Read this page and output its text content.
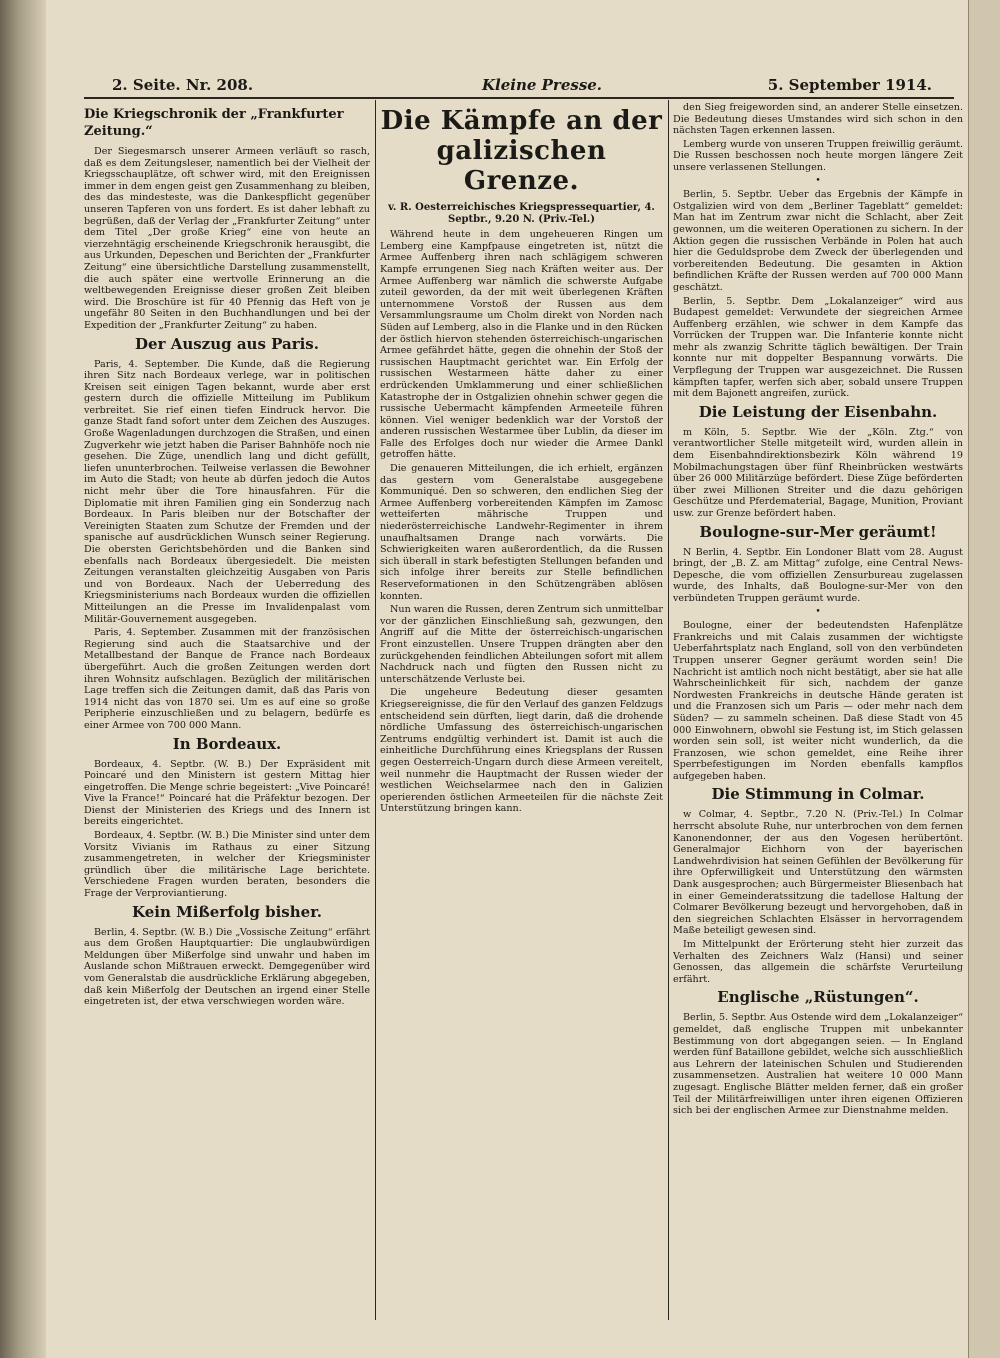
2. Seite. Nr. 208.	Kleine Presse.	5. September 1914.
Die Kriegschronik der „Frankfurter Zeitung.“

Der Siegesmarsch unserer Armeen verläuft so rasch, daß es dem Zeitungsleser, namentlich bei der Vielheit der Kriegsschauplätze, oft schwer wird, mit den Ereignissen immer in dem engen geist gen Zusammenhang zu bleiben, des das mindesteste, was die Dankespflicht gegenüber unseren Tapferen von uns fordert. Es ist daher lebhaft zu begrüßen, daß der Verlag der „Frankfurter Zeitung“ unter dem Titel „Der große Krieg“ eine von heute an vierzehntägig erscheinende Kriegschronik herausgibt, die aus Urkunden, Depeschen und Berichten der „Frankfurter Zeitung“ eine übersichtliche Darstellung zusammenstellt, die auch später eine wertvolle Erinnerung an die weltbewegenden Ereignisse dieser großen Zeit bleiben wird. Die Broschüre ist für 40 Pfennig das Heft von je ungefähr 80 Seiten in den Buchhandlungen und bei der Expedition der „Frankfurter Zeitung“ zu haben.

Der Auszug aus Paris.

Paris, 4. September. Die Kunde, daß die Regierung ihren Sitz nach Bordeaux verlege, war in politischen Kreisen seit einigen Tagen bekannt, wurde aber erst gestern durch die offizielle Mitteilung im Publikum verbreitet. Sie rief einen tiefen Eindruck hervor. Die ganze Stadt fand sofort unter dem Zeichen des Auszuges. Große Wagenladungen durchzogen die Straßen, und einen Zugverkehr wie jetzt haben die Pariser Bahnhöfe noch nie gesehen. Die Züge, unendlich lang und dicht gefüllt, liefen ununterbrochen. Teilweise verlassen die Bewohner im Auto die Stadt; von heute ab dürfen jedoch die Autos nicht mehr über die Tore hinausfahren. Für die Diplomatie mit ihren Familien ging ein Sonderzug nach Bordeaux. In Paris bleiben nur der Botschafter der Vereinigten Staaten zum Schutze der Fremden und der spanische auf ausdrücklichen Wunsch seiner Regierung. Die obersten Gerichtsbehörden und die Banken sind ebenfalls nach Bordeaux übergesiedelt. Die meisten Zeitungen veranstalten gleichzeitig Ausgaben von Paris und von Bordeaux. Nach der Ueberredung des Kriegsministeriums nach Bordeaux wurden die offiziellen Mitteilungen an die Presse im Invalidenpalast vom Militär-Gouvernement ausgegeben.

Paris, 4. September. Zusammen mit der französischen Regierung sind auch die Staatsarchive und der Metallbestand der Banque de France nach Bordeaux übergeführt. Auch die großen Zeitungen werden dort ihren Wohnsitz aufschlagen. Bezüglich der militärischen Lage treffen sich die Zeitungen damit, daß das Paris von 1914 nicht das von 1870 sei. Um es auf eine so große Peripherie einzuschließen und zu belagern, bedürfe es einer Armee von 700 000 Mann.

In Bordeaux.

Bordeaux, 4. Septbr. (W. B.) Der Expräsident mit Poincaré und den Ministern ist gestern Mittag hier eingetroffen. Die Menge schrie begeistert: „Vive Poincaré! Vive la France!“ Poincaré hat die Präfektur bezogen. Der Dienst der Ministerien des Kriegs und des Innern ist bereits eingerichtet.

Bordeaux, 4. Septbr. (W. B.) Die Minister sind unter dem Vorsitz Vivianis im Rathaus zu einer Sitzung zusammengetreten, in welcher der Kriegsminister gründlich über die militärische Lage berichtete. Verschiedene Fragen wurden beraten, besonders die Frage der Verproviantierung.

Kein Mißerfolg bisher.

Berlin, 4. Septbr. (W. B.) Die „Vossische Zeitung“ erfährt aus dem Großen Hauptquartier: Die unglaubwürdigen Meldungen über Mißerfolge sind unwahr und haben im Auslande schon Mißtrauen erweckt. Demgegenüber wird vom Generalstab die ausdrückliche Erklärung abgegeben, daß kein Mißerfolg der Deutschen an irgend einer Stelle eingetreten ist, der etwa verschwiegen worden wäre.

Die Kämpfe an der galizischen Grenze.
v. R. Oesterreichisches Kriegspressequartier, 4. Septbr., 9.20 N. (Priv.-Tel.)

Während heute in dem ungeheueren Ringen um Lemberg eine Kampfpause eingetreten ist, nützt die Armee Auffenberg ihren nach schlägigem schweren Kampfe errungenen Sieg nach Kräften weiter aus. Der Armee Auffenberg war nämlich die schwerste Aufgabe zuteil geworden, da der mit weit überlegenen Kräften unternommene Vorstoß der Russen aus dem Versammlungsraume um Cholm direkt von Norden nach Süden auf Lemberg, also in die Flanke und in den Rücken der östlich hiervon stehenden österreichisch-ungarischen Armee gefährdet hätte, gegen die ohnehin der Stoß der russischen Hauptmacht gerichtet war. Ein Erfolg der russischen Westarmeen hätte daher zu einer erdrückenden Umklammerung und einer schließlichen Katastrophe der in Ostgalizien ohnehin schwer gegen die russische Uebermacht kämpfenden Armeeteile führen können. Viel weniger bedenklich war der Vorstoß der anderen russischen Westarmee über Lublin, da dieser im Falle des Erfolges doch nur wieder die Armee Dankl getroffen hätte.

Die genaueren Mitteilungen, die ich erhielt, ergänzen das gestern vom Generalstabe ausgegebene Kommuniqué. Den so schweren, den endlichen Sieg der Armee Auffenberg vorbereitenden Kämpfen im Zamosc wetteiferten mährische Truppen und niederösterreichische Landwehr-Regimenter in ihrem unaufhaltsamen Drange nach vorwärts. Die Schwierigkeiten waren außerordentlich, da die Russen sich überall in stark befestigten Stellungen befanden und sich infolge ihrer bereits zur Stelle befindlichen Reserveformationen in den Schützengräben ablösen konnten.

Nun waren die Russen, deren Zentrum sich unmittelbar vor der gänzlichen Einschließung sah, gezwungen, den Angriff auf die Mitte der österreichisch-ungarischen Front einzustellen. Unsere Truppen drängten aber den zurückgehenden feindlichen Abteilungen sofort mit allem Nachdruck nach und fügten den Russen nicht zu unterschätzende Verluste bei.

Die ungeheure Bedeutung dieser gesamten Kriegsereignisse, die für den Verlauf des ganzen Feldzugs entscheidend sein dürften, liegt darin, daß die drohende nördliche Umfassung des österreichisch-ungarischen Zentrums endgültig verhindert ist. Damit ist auch die einheitliche Durchführung eines Kriegsplans der Russen gegen Oesterreich-Ungarn durch diese Armeen vereitelt, weil nunmehr die Hauptmacht der Russen wieder der westlichen Weichselarmee nach den in Galizien operierenden östlichen Armeeteilen für die nächste Zeit Unterstützung bringen kann.

den Sieg freigeworden sind, an anderer Stelle einsetzen. Die Bedeutung dieses Umstandes wird sich schon in den nächsten Tagen erkennen lassen.

Lemberg wurde von unseren Truppen freiwillig geräumt. Die Russen beschossen noch heute morgen längere Zeit unsere verlassenen Stellungen.

•

Berlin, 5. Septbr. Ueber das Ergebnis der Kämpfe in Ostgalizien wird von dem „Berliner Tageblatt“ gemeldet: Man hat im Zentrum zwar nicht die Schlacht, aber Zeit gewonnen, um die weiteren Operationen zu sichern. In der Aktion gegen die russischen Verbände in Polen hat auch hier die Geduldsprobe dem Zweck der überlegenden und vorbereitenden Bedeutung. Die gesamten in Aktion befindlichen Kräfte der Russen werden auf 700 000 Mann geschätzt.

Berlin, 5. Septbr. Dem „Lokalanzeiger“ wird aus Budapest gemeldet: Verwundete der siegreichen Armee Auffenberg erzählen, wie schwer in dem Kampfe das Vorrücken der Truppen war. Die Infanterie konnte nicht mehr als zwanzig Schritte täglich bewältigen. Der Train konnte nur mit doppelter Bespannung vorwärts. Die Verpflegung der Truppen war ausgezeichnet. Die Russen kämpften tapfer, werfen sich aber, sobald unsere Truppen mit dem Bajonett angreifen, zurück.

Die Leistung der Eisenbahn.

m Köln, 5. Septbr. Wie der „Köln. Ztg.“ von verantwortlicher Stelle mitgeteilt wird, wurden allein in dem Eisenbahndirektionsbezirk Köln während 19 Mobilmachungstagen über fünf Rheinbrücken westwärts über 26 000 Militärzüge befördert. Diese Züge beförderten über zwei Millionen Streiter und die dazu gehörigen Geschütze und Pferdematerial, Bagage, Munition, Proviant usw. zur Grenze befördert haben.

Boulogne-sur-Mer geräumt!

N Berlin, 4. Septbr. Ein Londoner Blatt vom 28. August bringt, der „B. Z. am Mittag“ zufolge, eine Central News-Depesche, die vom offiziellen Zensurbureau zugelassen wurde, des Inhalts, daß Boulogne-sur-Mer von den verbündeten Truppen geräumt wurde.

•

Boulogne, einer der bedeutendsten Hafenplätze Frankreichs und mit Calais zusammen der wichtigste Ueberfahrtsplatz nach England, soll von den verbündeten Truppen unserer Gegner geräumt worden sein! Die Nachricht ist amtlich noch nicht bestätigt, aber sie hat alle Wahrscheinlichkeit für sich, nachdem der ganze Nordwesten Frankreichs in deutsche Hände geraten ist und die Franzosen sich um Paris — oder mehr nach dem Süden? — zu sammeln scheinen. Daß diese Stadt von 45 000 Einwohnern, obwohl sie Festung ist, im Stich gelassen worden sein soll, ist weiter nicht wunderlich, da die Franzosen, wie schon gemeldet, eine Reihe ihrer Sperrbefestigungen im Norden ebenfalls kampflos aufgegeben haben.

Die Stimmung in Colmar.

w Colmar, 4. Septbr., 7.20 N. (Priv.-Tel.) In Colmar herrscht absolute Ruhe, nur unterbrochen von dem fernen Kanonendonner, der aus den Vogesen herübertönt. Generalmajor Eichhorn von der bayerischen Landwehrdivision hat seinen Gefühlen der Bevölkerung für ihre Opferwilligkeit und Unterstützung den wärmsten Dank ausgesprochen; auch Bürgermeister Bliesenbach hat in einer Gemeinderatssitzung die tadellose Haltung der Colmarer Bevölkerung bezeugt und hervorgehoben, daß in den siegreichen Schlachten Elsässer in hervorragendem Maße beteiligt gewesen sind.

Im Mittelpunkt der Erörterung steht hier zurzeit das Verhalten des Zeichners Walz (Hansi) und seiner Genossen, das allgemein die schärfste Verurteilung erfährt.

Englische „Rüstungen“.

Berlin, 5. Septbr. Aus Ostende wird dem „Lokalanzeiger“ gemeldet, daß englische Truppen mit unbekannter Bestimmung von dort abgegangen seien. — In England werden fünf Bataillone gebildet, welche sich ausschließlich aus Lehrern der lateinischen Schulen und Studierenden zusammensetzen. Australien hat weitere 10 000 Mann zugesagt. Englische Blätter melden ferner, daß ein großer Teil der Militärfreiwilligen unter ihren eigenen Offizieren sich bei der englischen Armee zur Dienstnahme melden.
